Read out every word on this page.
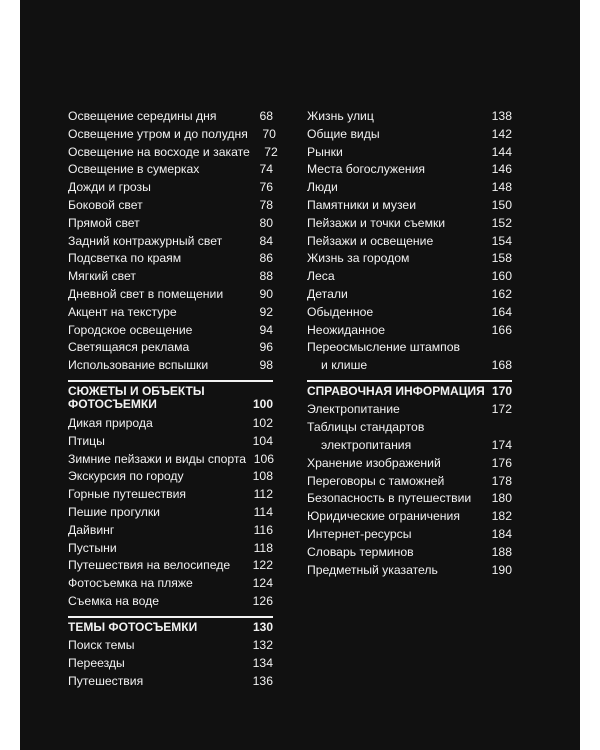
Освещение середины дня	68
Освещение утром и до полудня	70
Освещение на восходе и закате	72
Освещение в сумерках	74
Дожди и грозы	76
Боковой свет	78
Прямой свет	80
Задний контражурный свет	84
Подсветка по краям	86
Мягкий свет	88
Дневной свет в помещении	90
Акцент на текстуре	92
Городское освещение	94
Светящаяся реклама	96
Использование вспышки	98
СЮЖЕТЫ И ОБЪЕКТЫ
ФОТОСЪЕМКИ	100
Дикая природа	102
Птицы	104
Зимние пейзажи и виды спорта 106
Экскурсия по городу	108
Горные путешествия	112
Пешие прогулки	114
Дайвинг	116
Пустыни	118
Путешествия на велосипеде	122
Фотосъемка на пляже	124
Съемка на воде	126
ТЕМЫ ФОТОСЪЕМКИ	130
Поиск темы	132
Переезды	134
Путешествия	136
Жизнь улиц	138
Общие виды	142
Рынки	144
Места богослужения	146
Люди	148
Памятники и музеи	150
Пейзажи и точки съемки	152
Пейзажи и освещение	154
Жизнь за городом	158
Леса	160
Детали	162
Обыденное	164
Неожиданное	166
Переосмысление штампов
и клише	168
СПРАВОЧНАЯ ИНФОРМАЦИЯ 170
Электропитание	172
Таблицы стандартов
электропитания	174
Хранение изображений	176
Переговоры с таможней	178
Безопасность в путешествии	180
Юридические ограничения	182
Интернет-ресурсы	184
Словарь терминов	188
Предметный указатель	190
